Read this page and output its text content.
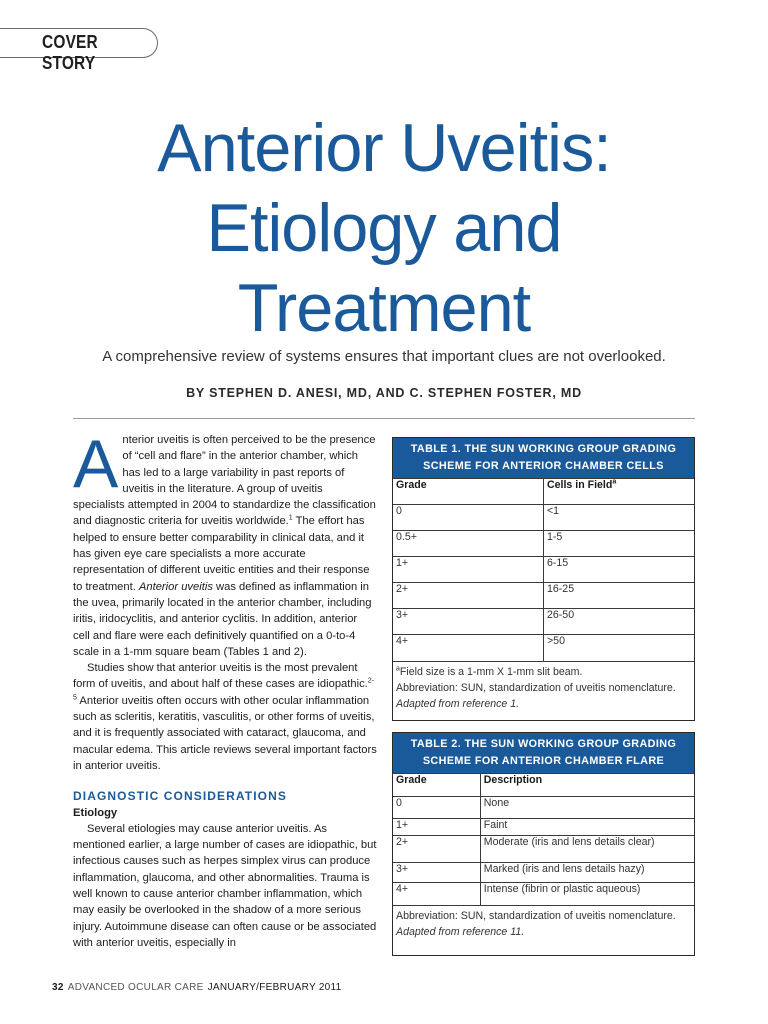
COVER STORY
Anterior Uveitis:
Etiology and
Treatment
A comprehensive review of systems ensures that important clues are not overlooked.
BY STEPHEN D. ANESI, MD, AND C. STEPHEN FOSTER, MD

Anterior uveitis is often perceived to be the presence of “cell and flare” in the anterior chamber, which has led to a large variability in past reports of uveitis in the literature. A group of uveitis specialists attempted in 2004 to standardize the classification and diagnostic criteria for uveitis worldwide.$^1$ The effort has helped to ensure better comparability in clinical data, and it has given eye care specialists a more accurate representation of different uveitic entities and their response to treatment. Anterior uveitis was defined as inflammation in the uvea, primarily located in the anterior chamber, including iritis, iridocyclitis, and anterior cyclitis. In addition, anterior cell and flare were each definitively quantified on a 0-to-4 scale in a 1-mm square beam (Tables 1 and 2).

Studies show that anterior uveitis is the most prevalent form of uveitis, and about half of these cases are idiopathic.$^{2-5}$ Anterior uveitis often occurs with other ocular inflammation such as scleritis, keratitis, vasculitis, or other forms of uveitis, and it is frequently associated with cataract, glaucoma, and macular edema. This article reviews several important factors in anterior uveitis.

DIAGNOSTIC CONSIDERATIONS
Etiology

Several etiologies may cause anterior uveitis. As mentioned earlier, a large number of cases are idiopathic, but infectious causes such as herpes simplex virus can produce inflammation, glaucoma, and other abnormalities. Trauma is well known to cause anterior chamber inflammation, which may easily be overlooked in the shadow of a more serious injury. Autoimmune disease can often cause or be associated with anterior uveitis, especially in

TABLE 1. THE SUN WORKING GROUP GRADING
SCHEME FOR ANTERIOR CHAMBER CELLS
Grade	Cells in Field$^a$
0	<1
0.5+	1-5
1+	6-15
2+	16-25
3+	26-50
4+	>50
$^a$Field size is a 1-mm X 1-mm slit beam.
Abbreviation: SUN, standardization of uveitis nomenclature.
Adapted from reference 1.
TABLE 2. THE SUN WORKING GROUP GRADING
SCHEME FOR ANTERIOR CHAMBER FLARE
Grade	Description
0	None
1+	Faint
2+	Moderate (iris and lens details clear)
3+	Marked (iris and lens details hazy)
4+	Intense (fibrin or plastic aqueous)
Abbreviation: SUN, standardization of uveitis nomenclature.
Adapted from reference 11.
32 ADVANCED OCULAR CARE JANUARY/FEBRUARY 2011
